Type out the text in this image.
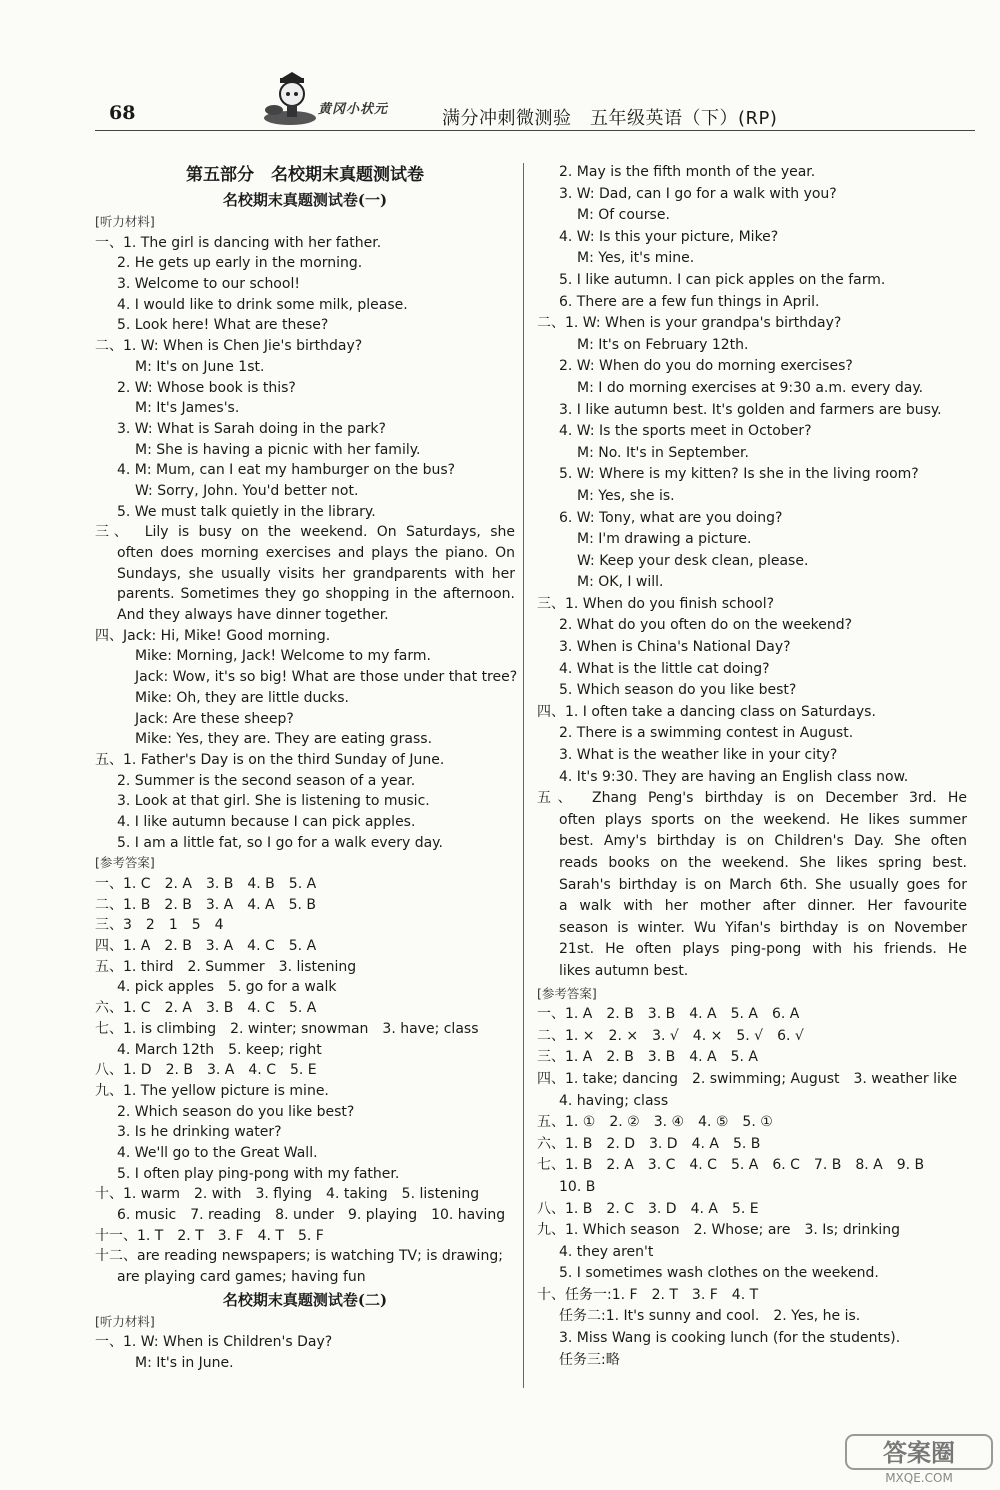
68	黄冈小状元	满分冲刺微测验　五年级英语（下）(RP)
第五部分　名校期末真题测试卷
名校期末真题测试卷(一)
[听力材料]
一、1. The girl is dancing with her father.
2. He gets up early in the morning.
3. Welcome to our school!
4. I would like to drink some milk, please.
5. Look here! What are these?
二、1. W: When is Chen Jie's birthday?
M: It's on June 1st.
2. W: Whose book is this?
M: It's James's.
3. W: What is Sarah doing in the park?
M: She is having a picnic with her family.
4. M: Mum, can I eat my hamburger on the bus?
W: Sorry, John. You'd better not.
5. We must talk quietly in the library.
三、　Lily is busy on the weekend. On Saturdays, she
often does morning exercises and plays the piano. On
Sundays, she usually visits her grandparents with her
parents. Sometimes they go shopping in the afternoon.
And they always have dinner together.
四、Jack: Hi, Mike! Good morning.
Mike: Morning, Jack! Welcome to my farm.
Jack: Wow, it's so big! What are those under that tree?
Mike: Oh, they are little ducks.
Jack: Are these sheep?
Mike: Yes, they are. They are eating grass.
五、1. Father's Day is on the third Sunday of June.
2. Summer is the second season of a year.
3. Look at that girl. She is listening to music.
4. I like autumn because I can pick apples.
5. I am a little fat, so I go for a walk every day.
[参考答案]
一、1. C　2. A　3. B　4. B　5. A
二、1. B　2. B　3. A　4. A　5. B
三、3　2　1　5　4
四、1. A　2. B　3. A　4. C　5. A
五、1. third　2. Summer　3. listening
4. pick apples　5. go for a walk
六、1. C　2. A　3. B　4. C　5. A
七、1. is climbing　2. winter; snowman　3. have; class
4. March 12th　5. keep; right
八、1. D　2. B　3. A　4. C　5. E
九、1. The yellow picture is mine.
2. Which season do you like best?
3. Is he drinking water?
4. We'll go to the Great Wall.
5. I often play ping-pong with my father.
十、1. warm　2. with　3. flying　4. taking　5. listening
6. music　7. reading　8. under　9. playing　10. having
十一、1. T　2. T　3. F　4. T　5. F
十二、are reading newspapers; is watching TV; is drawing;
are playing card games; having fun
名校期末真题测试卷(二)
[听力材料]
一、1. W: When is Children's Day?
M: It's in June.
2. May is the fifth month of the year.
3. W: Dad, can I go for a walk with you?
M: Of course.
4. W: Is this your picture, Mike?
M: Yes, it's mine.
5. I like autumn. I can pick apples on the farm.
6. There are a few fun things in April.
二、1. W: When is your grandpa's birthday?
M: It's on February 12th.
2. W: When do you do morning exercises?
M: I do morning exercises at 9:30 a.m. every day.
3. I like autumn best. It's golden and farmers are busy.
4. W: Is the sports meet in October?
M: No. It's in September.
5. W: Where is my kitten? Is she in the living room?
M: Yes, she is.
6. W: Tony, what are you doing?
M: I'm drawing a picture.
W: Keep your desk clean, please.
M: OK, I will.
三、1. When do you finish school?
2. What do you often do on the weekend?
3. When is China's National Day?
4. What is the little cat doing?
5. Which season do you like best?
四、1. I often take a dancing class on Saturdays.
2. There is a swimming contest in August.
3. What is the weather like in your city?
4. It's 9:30. They are having an English class now.
五、　Zhang Peng's birthday is on December 3rd. He
often plays sports on the weekend. He likes summer
best. Amy's birthday is on Children's Day. She often
reads books on the weekend. She likes spring best.
Sarah's birthday is on March 6th. She usually goes for
a walk with her mother after dinner. Her favourite
season is winter. Wu Yifan's birthday is on November
21st. He often plays ping-pong with his friends. He
likes autumn best.
[参考答案]
一、1. A　2. B　3. B　4. A　5. A　6. A
二、1. ×　2. ×　3. √　4. ×　5. √　6. √
三、1. A　2. B　3. B　4. A　5. A
四、1. take; dancing　2. swimming; August　3. weather like
4. having; class
五、1. ①　2. ②　3. ④　4. ⑤　5. ①
六、1. B　2. D　3. D　4. A　5. B
七、1. B　2. A　3. C　4. C　5. A　6. C　7. B　8. A　9. B
10. B
八、1. B　2. C　3. D　4. A　5. E
九、1. Which season　2. Whose; are　3. Is; drinking
4. they aren't
5. I sometimes wash clothes on the weekend.
十、任务一:1. F　2. T　3. F　4. T
任务二:1. It's sunny and cool.　2. Yes, he is.
3. Miss Wang is cooking lunch (for the students).
任务三:略
答案圈
MXQE.COM
